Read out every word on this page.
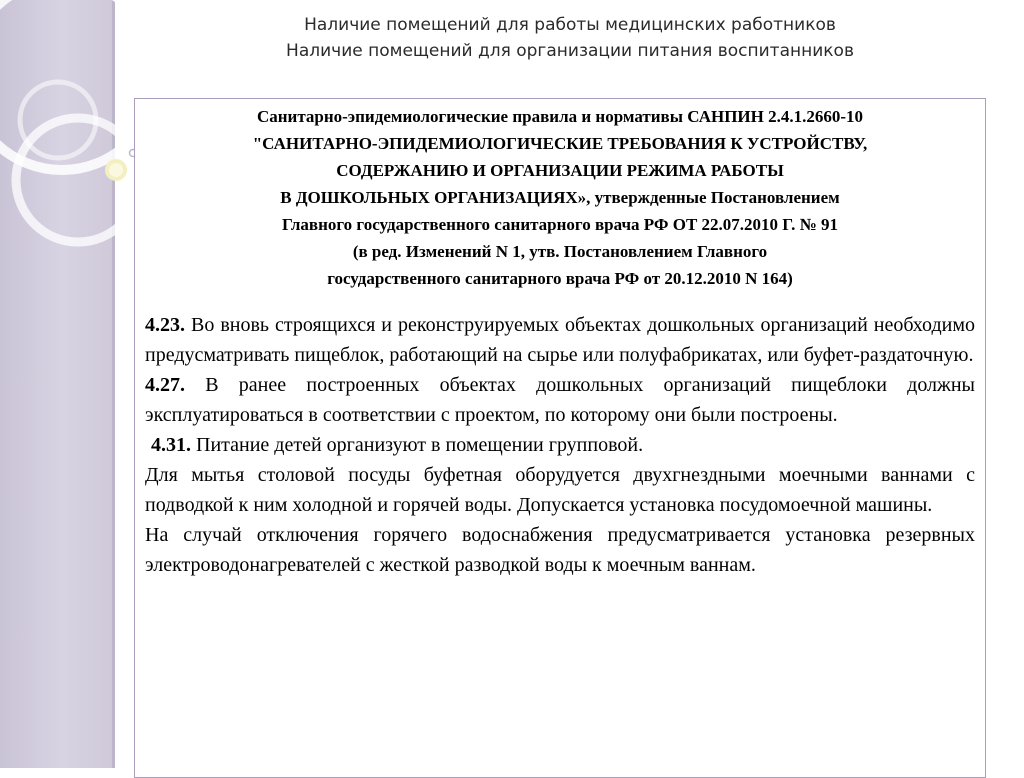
Наличие помещений для работы медицинских работников
Наличие помещений для организации питания воспитанников
Санитарно-эпидемиологические правила и нормативы САНПИН 2.4.1.2660-10
"САНИТАРНО-ЭПИДЕМИОЛОГИЧЕСКИЕ ТРЕБОВАНИЯ К УСТРОЙСТВУ,
СОДЕРЖАНИЮ И ОРГАНИЗАЦИИ РЕЖИМА РАБОТЫ
В ДОШКОЛЬНЫХ ОРГАНИЗАЦИЯХ», утвержденные Постановлением
Главного государственного санитарного врача РФ ОТ 22.07.2010 Г. № 91
(в ред. Изменений N 1, утв. Постановлением Главного
государственного санитарного врача РФ от 20.12.2010 N 164)

4.23. Во вновь строящихся и реконструируемых объектах дошкольных организаций необходимо предусматривать пищеблок, работающий на сырье или полуфабрикатах, или буфет-раздаточную.

4.27. В ранее построенных объектах дошкольных организаций пищеблоки должны эксплуатироваться в соответствии с проектом, по которому они были построены.

4.31. Питание детей организуют в помещении групповой.

Для мытья столовой посуды буфетная оборудуется двухгнездными моечными ваннами с подводкой к ним холодной и горячей воды. Допускается установка посудомоечной машины.

На случай отключения горячего водоснабжения предусматривается установка резервных электроводонагревателей с жесткой разводкой воды к моечным ваннам.
